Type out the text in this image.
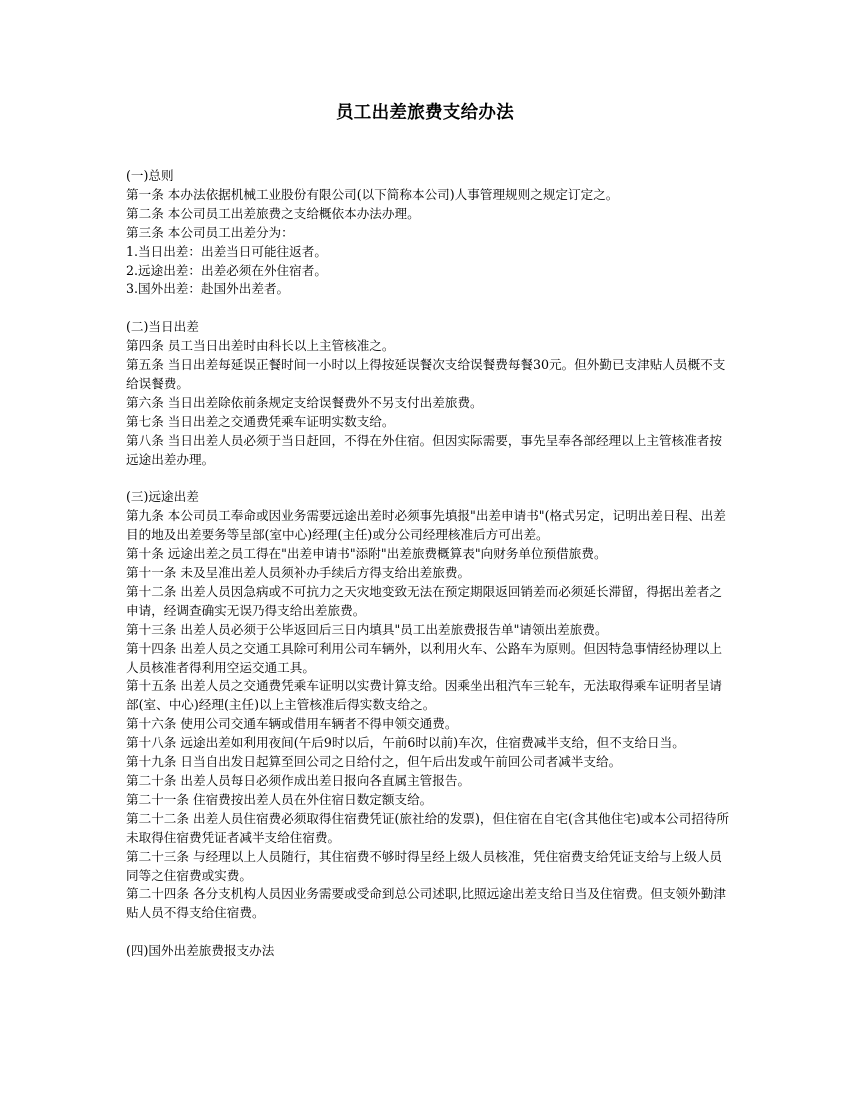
员工出差旅费支给办法
(一)总则
第一条 本办法依据机械工业股份有限公司(以下简称本公司)人事管理规则之规定订定之。
第二条 本公司员工出差旅费之支给概依本办法办理。
第三条 本公司员工出差分为：
1.当日出差：出差当日可能往返者。
2.远途出差：出差必须在外住宿者。
3.国外出差：赴国外出差者。
(二)当日出差
第四条 员工当日出差时由科长以上主管核准之。
第五条 当日出差每延误正餐时间一小时以上得按延误餐次支给误餐费每餐30元。但外勤已支津贴人员概不支给误餐费。
第六条 当日出差除依前条规定支给误餐费外不另支付出差旅费。
第七条 当日出差之交通费凭乘车证明实数支给。
第八条 当日出差人员必须于当日赶回，不得在外住宿。但因实际需要，事先呈奉各部经理以上主管核准者按远途出差办理。
(三)远途出差
第九条 本公司员工奉命或因业务需要远途出差时必须事先填报"出差申请书"(格式另定，记明出差日程、出差目的地及出差要务等呈部(室中心)经理(主任)或分公司经理核准后方可出差。
第十条 远途出差之员工得在"出差申请书"添附"出差旅费概算表"向财务单位预借旅费。
第十一条 未及呈准出差人员须补办手续后方得支给出差旅费。
第十二条 出差人员因急病或不可抗力之天灾地变致无法在预定期限返回销差而必须延长滞留，得据出差者之申请，经调查确实无误乃得支给出差旅费。
第十三条 出差人员必须于公毕返回后三日内填具"员工出差旅费报告单"请领出差旅费。
第十四条 出差人员之交通工具除可利用公司车辆外，以利用火车、公路车为原则。但因特急事情经协理以上人员核准者得利用空运交通工具。
第十五条 出差人员之交通费凭乘车证明以实费计算支给。因乘坐出租汽车三轮车，无法取得乘车证明者呈请部(室、中心)经理(主任)以上主管核准后得实数支给之。
第十六条 使用公司交通车辆或借用车辆者不得申领交通费。
第十八条 远途出差如利用夜间(午后9时以后，午前6时以前)车次，住宿费减半支给，但不支给日当。
第十九条 日当自出发日起算至回公司之日给付之，但午后出发或午前回公司者减半支给。
第二十条 出差人员每日必须作成出差日报向各直属主管报告。
第二十一条 住宿费按出差人员在外住宿日数定额支给。
第二十二条 出差人员住宿费必须取得住宿费凭证(旅社给的发票)，但住宿在自宅(含其他住宅)或本公司招待所未取得住宿费凭证者减半支给住宿费。
第二十三条 与经理以上人员随行，其住宿费不够时得呈经上级人员核准，凭住宿费支给凭证支给与上级人员同等之住宿费或实费。
第二十四条 各分支机构人员因业务需要或受命到总公司述职,比照远途出差支给日当及住宿费。但支领外勤津贴人员不得支给住宿费。
(四)国外出差旅费报支办法
